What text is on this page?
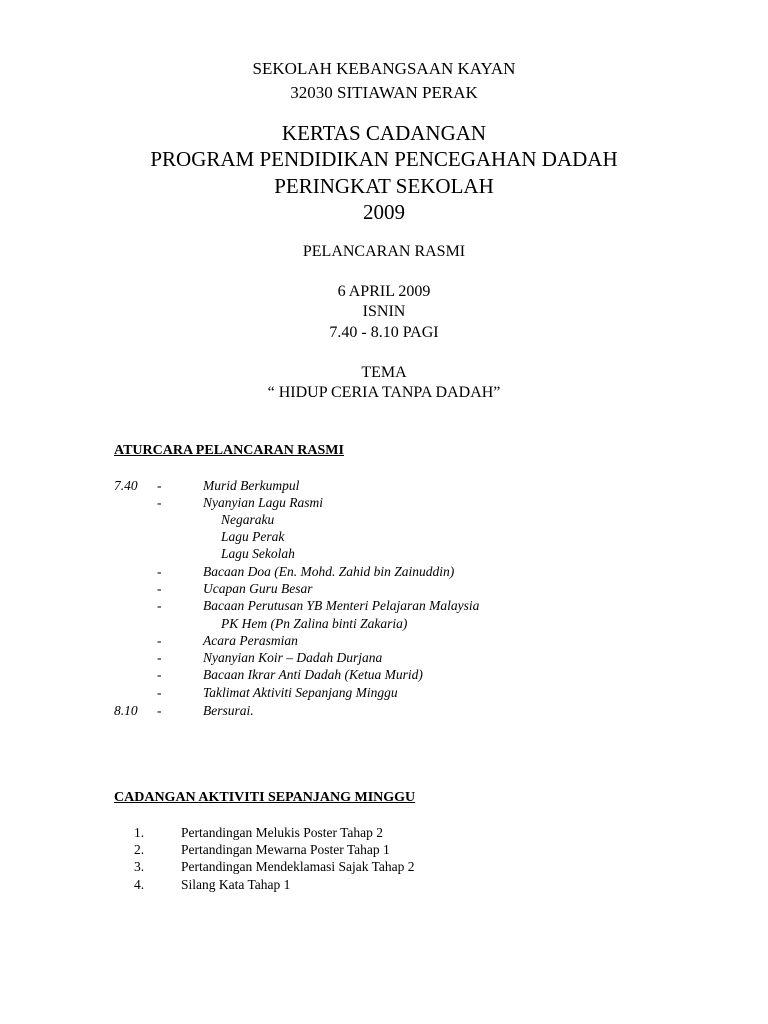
SEKOLAH KEBANGSAAN KAYAN
32030 SITIAWAN PERAK
KERTAS CADANGAN
PROGRAM PENDIDIKAN PENCEGAHAN DADAH
PERINGKAT SEKOLAH
2009
PELANCARAN RASMI
6 APRIL 2009
ISNIN
7.40 - 8.10 PAGI
TEMA
“ HIDUP CERIA TANPA DADAH”
ATURCARA PELANCARAN RASMI
7.40 -	Murid Berkumpul
-	Nyanyian Lagu Rasmi
Negaraku
Lagu Perak
Lagu Sekolah
-	Bacaan Doa (En. Mohd. Zahid bin Zainuddin)
-	Ucapan Guru Besar
-	Bacaan Perutusan YB Menteri Pelajaran Malaysia
PK Hem (Pn Zalina binti Zakaria)
-	Acara Perasmian
-	Nyanyian Koir – Dadah Durjana
-	Bacaan Ikrar Anti Dadah (Ketua Murid)
-	Taklimat Aktiviti Sepanjang Minggu
8.10 -	Bersurai.
CADANGAN AKTIVITI SEPANJANG MINGGU
1.	Pertandingan Melukis Poster Tahap 2
2.	Pertandingan Mewarna Poster Tahap 1
3.	Pertandingan Mendeklamasi Sajak Tahap 2
4.	Silang Kata Tahap 1
